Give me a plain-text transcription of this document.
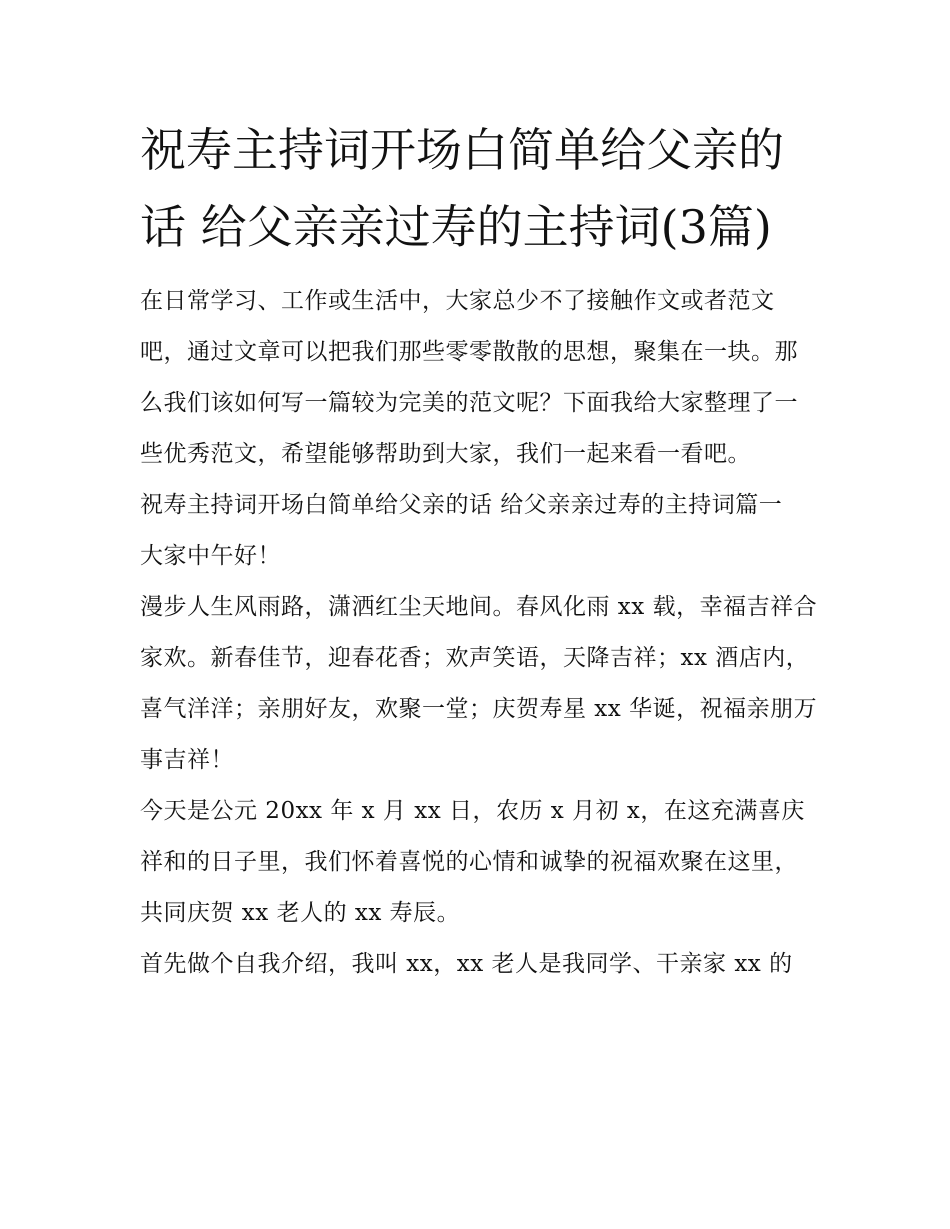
祝寿主持词开场白简单给父亲的话 给父亲亲过寿的主持词(3篇)

在日常学习、工作或生活中，大家总少不了接触作文或者范文吧，通过文章可以把我们那些零零散散的思想，聚集在一块。那么我们该如何写一篇较为完美的范文呢？下面我给大家整理了一些优秀范文，希望能够帮助到大家，我们一起来看一看吧。

祝寿主持词开场白简单给父亲的话 给父亲亲过寿的主持词篇一

大家中午好！

漫步人生风雨路，潇洒红尘天地间。春风化雨 xx 载，幸福吉祥合家欢。新春佳节，迎春花香；欢声笑语，天降吉祥；xx 酒店内，喜气洋洋；亲朋好友，欢聚一堂；庆贺寿星 xx 华诞，祝福亲朋万事吉祥！

今天是公元 20xx 年 x 月 xx 日，农历 x 月初 x，在这充满喜庆祥和的日子里，我们怀着喜悦的心情和诚挚的祝福欢聚在这里，共同庆贺 xx 老人的 xx 寿辰。

首先做个自我介绍，我叫 xx，xx 老人是我同学、干亲家 xx 的
